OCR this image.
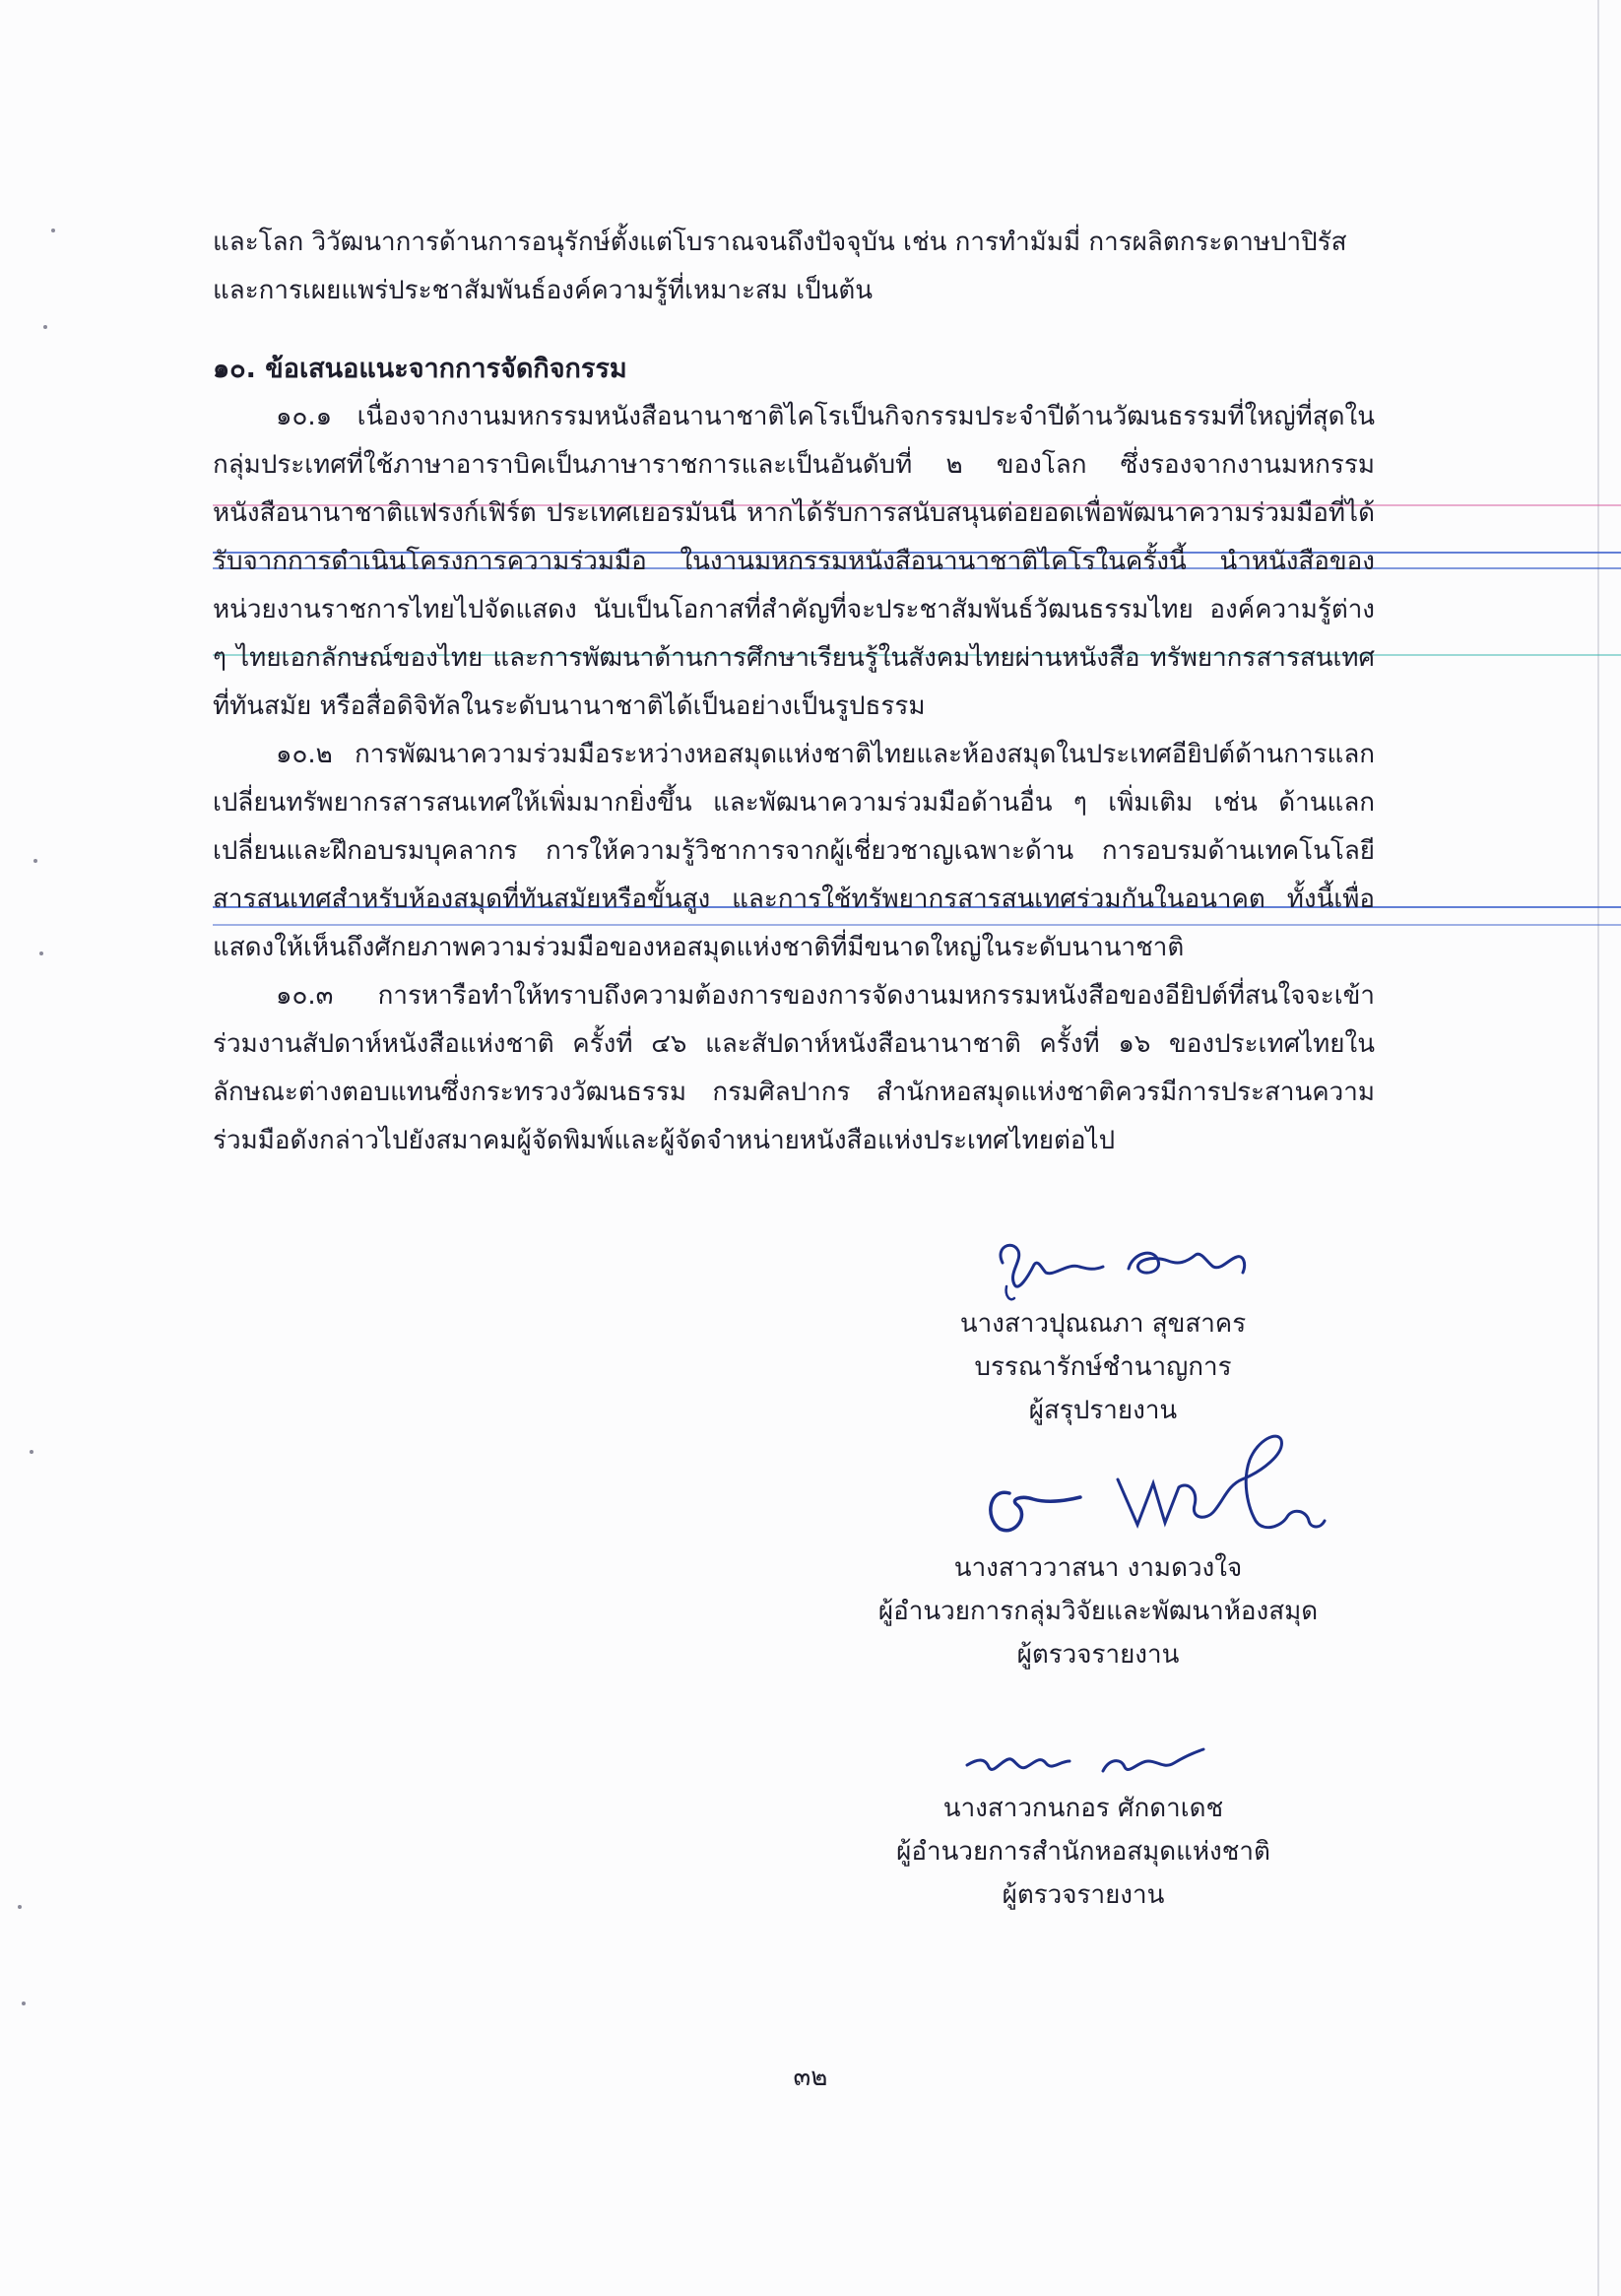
และโลก วิวัฒนาการด้านการอนุรักษ์ตั้งแต่โบราณจนถึงปัจจุบัน เช่น การทำมัมมี่ การผลิตกระดาษปาปิรัส

และการเผยแพร่ประชาสัมพันธ์องค์ความรู้ที่เหมาะสม เป็นต้น

๑๐. ข้อเสนอแนะจากการจัดกิจกรรม

๑๐.๑ เนื่องจากงานมหกรรมหนังสือนานาชาติไคโรเป็นกิจกรรมประจำปีด้านวัฒนธรรมที่ใหญ่ที่สุดในกลุ่มประเทศที่ใช้ภาษาอาราบิคเป็นภาษาราชการและเป็นอันดับที่ ๒ ของโลก ซึ่งรองจากงานมหกรรมหนังสือนานาชาติแฟรงก์เฟิร์ต ประเทศเยอรมันนี หากได้รับการสนับสนุนต่อยอดเพื่อพัฒนาความร่วมมือที่ได้รับจากการดำเนินโครงการความร่วมมือ ในงานมหกรรมหนังสือนานาชาติไคโรในครั้งนี้ นำหนังสือของหน่วยงานราชการไทยไปจัดแสดง นับเป็นโอกาสที่สำคัญที่จะประชาสัมพันธ์วัฒนธรรมไทย องค์ความรู้ต่าง ๆ ไทยเอกลักษณ์ของไทย และการพัฒนาด้านการศึกษาเรียนรู้ในสังคมไทยผ่านหนังสือ ทรัพยากรสารสนเทศที่ทันสมัย หรือสื่อดิจิทัลในระดับนานาชาติได้เป็นอย่างเป็นรูปธรรม

๑๐.๒ การพัฒนาความร่วมมือระหว่างหอสมุดแห่งชาติไทยและห้องสมุดในประเทศอียิปต์ด้านการแลกเปลี่ยนทรัพยากรสารสนเทศให้เพิ่มมากยิ่งขึ้น และพัฒนาความร่วมมือด้านอื่น ๆ เพิ่มเติม เช่น ด้านแลกเปลี่ยนและฝึกอบรมบุคลากร การให้ความรู้วิชาการจากผู้เชี่ยวชาญเฉพาะด้าน การอบรมด้านเทคโนโลยีสารสนเทศสำหรับห้องสมุดที่ทันสมัยหรือขั้นสูง และการใช้ทรัพยากรสารสนเทศร่วมกันในอนาคต ทั้งนี้เพื่อแสดงให้เห็นถึงศักยภาพความร่วมมือของหอสมุดแห่งชาติที่มีขนาดใหญ่ในระดับนานาชาติ

๑๐.๓ การหารือทำให้ทราบถึงความต้องการของการจัดงานมหกรรมหนังสือของอียิปต์ที่สนใจจะเข้าร่วมงานสัปดาห์หนังสือแห่งชาติ ครั้งที่ ๔๖ และสัปดาห์หนังสือนานาชาติ ครั้งที่ ๑๖ ของประเทศไทยในลักษณะต่างตอบแทนซึ่งกระทรวงวัฒนธรรม กรมศิลปากร สำนักหอสมุดแห่งชาติควรมีการประสานความร่วมมือดังกล่าวไปยังสมาคมผู้จัดพิมพ์และผู้จัดจำหน่ายหนังสือแห่งประเทศไทยต่อไป

นางสาวปุณณภา สุขสาคร
บรรณารักษ์ชำนาญการ
ผู้สรุปรายงาน
นางสาววาสนา งามดวงใจ
ผู้อำนวยการกลุ่มวิจัยและพัฒนาห้องสมุด
ผู้ตรวจรายงาน
นางสาวกนกอร ศักดาเดช
ผู้อำนวยการสำนักหอสมุดแห่งชาติ
ผู้ตรวจรายงาน
๓๒
